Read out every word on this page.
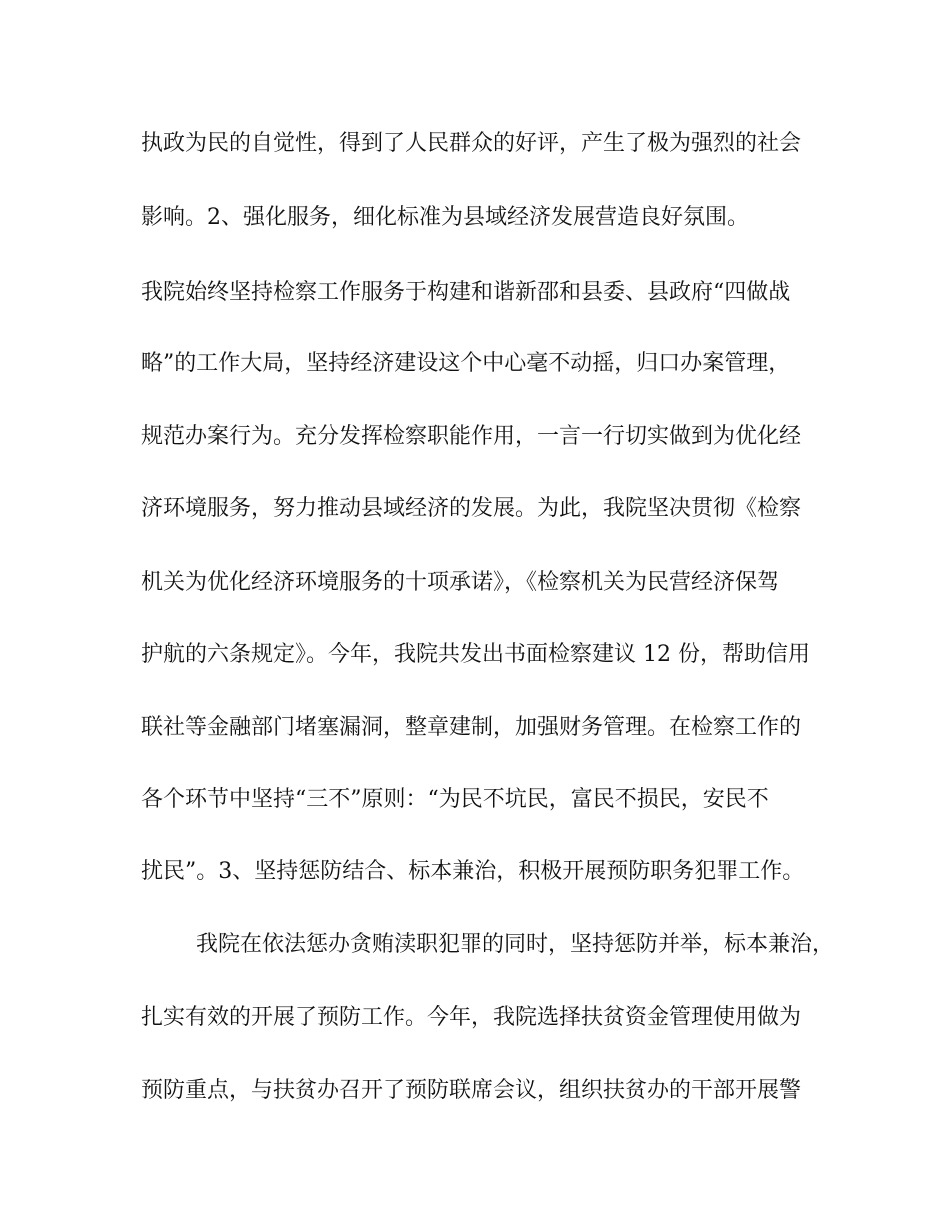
执政为民的自觉性，得到了人民群众的好评，产生了极为强烈的社会
影响。2、强化服务，细化标准为县域经济发展营造良好氛围。
我院始终坚持检察工作服务于构建和谐新邵和县委、县政府“四做战
略”的工作大局，坚持经济建设这个中心毫不动摇，归口办案管理，
规范办案行为。充分发挥检察职能作用，一言一行切实做到为优化经
济环境服务，努力推动县域经济的发展。为此，我院坚决贯彻《检察
机关为优化经济环境服务的十项承诺》，《检察机关为民营经济保驾
护航的六条规定》。今年，我院共发出书面检察建议 12 份，帮助信用
联社等金融部门堵塞漏洞，整章建制，加强财务管理。在检察工作的
各个环节中坚持“三不”原则：“为民不坑民，富民不损民，安民不
扰民”。3、坚持惩防结合、标本兼治，积极开展预防职务犯罪工作。
我院在依法惩办贪贿渎职犯罪的同时，坚持惩防并举，标本兼治，
扎实有效的开展了预防工作。今年，我院选择扶贫资金管理使用做为
预防重点，与扶贫办召开了预防联席会议，组织扶贫办的干部开展警
